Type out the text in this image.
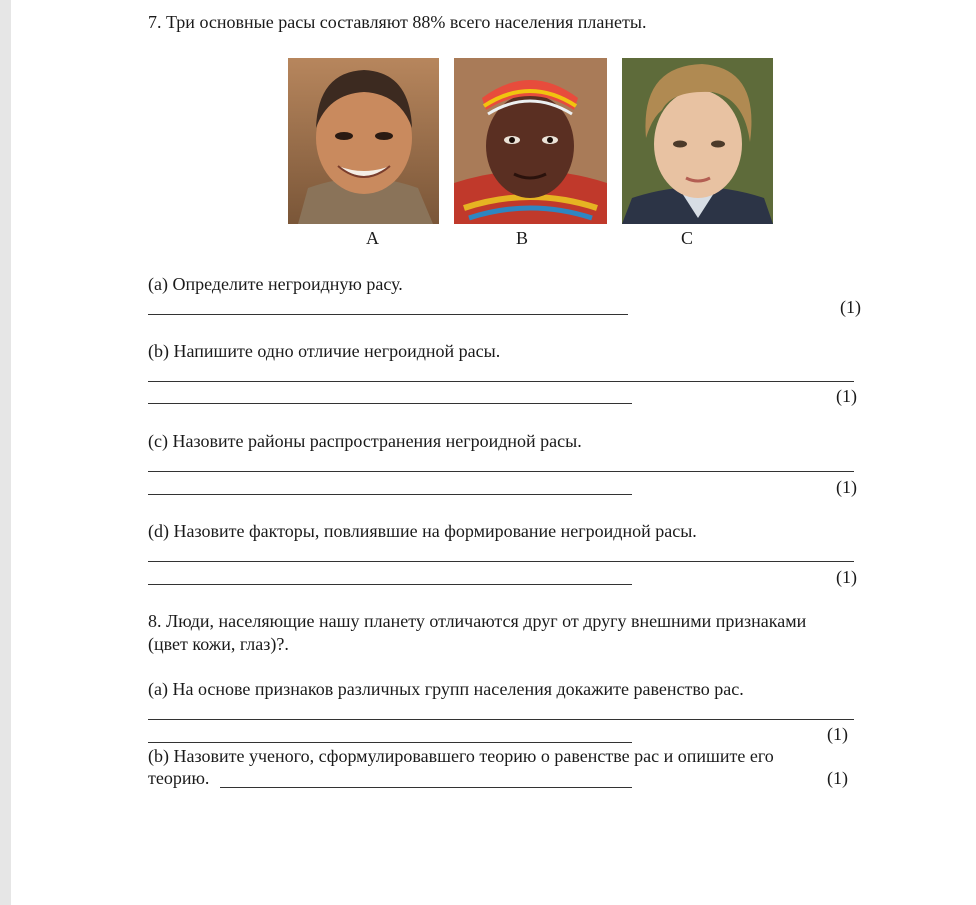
7. Три основные расы составляют 88% всего населения планеты.
A	B	C
(a) Определите негроидную расу.
(1)
(b) Напишите одно отличие негроидной расы.
(1)
(c) Назовите районы распространения негроидной расы.
(1)
(d) Назовите факторы, повлиявшие на формирование негроидной расы.
(1)
8. Люди, населяющие нашу планету отличаются друг от другу внешними признаками
(цвет кожи, глаз)?.
(a) На основе признаков различных групп населения докажите равенство рас.
(1)
(b) Назовите ученого, сформулировавшего теорию о равенстве рас и опишите его
теорию.	(1)
